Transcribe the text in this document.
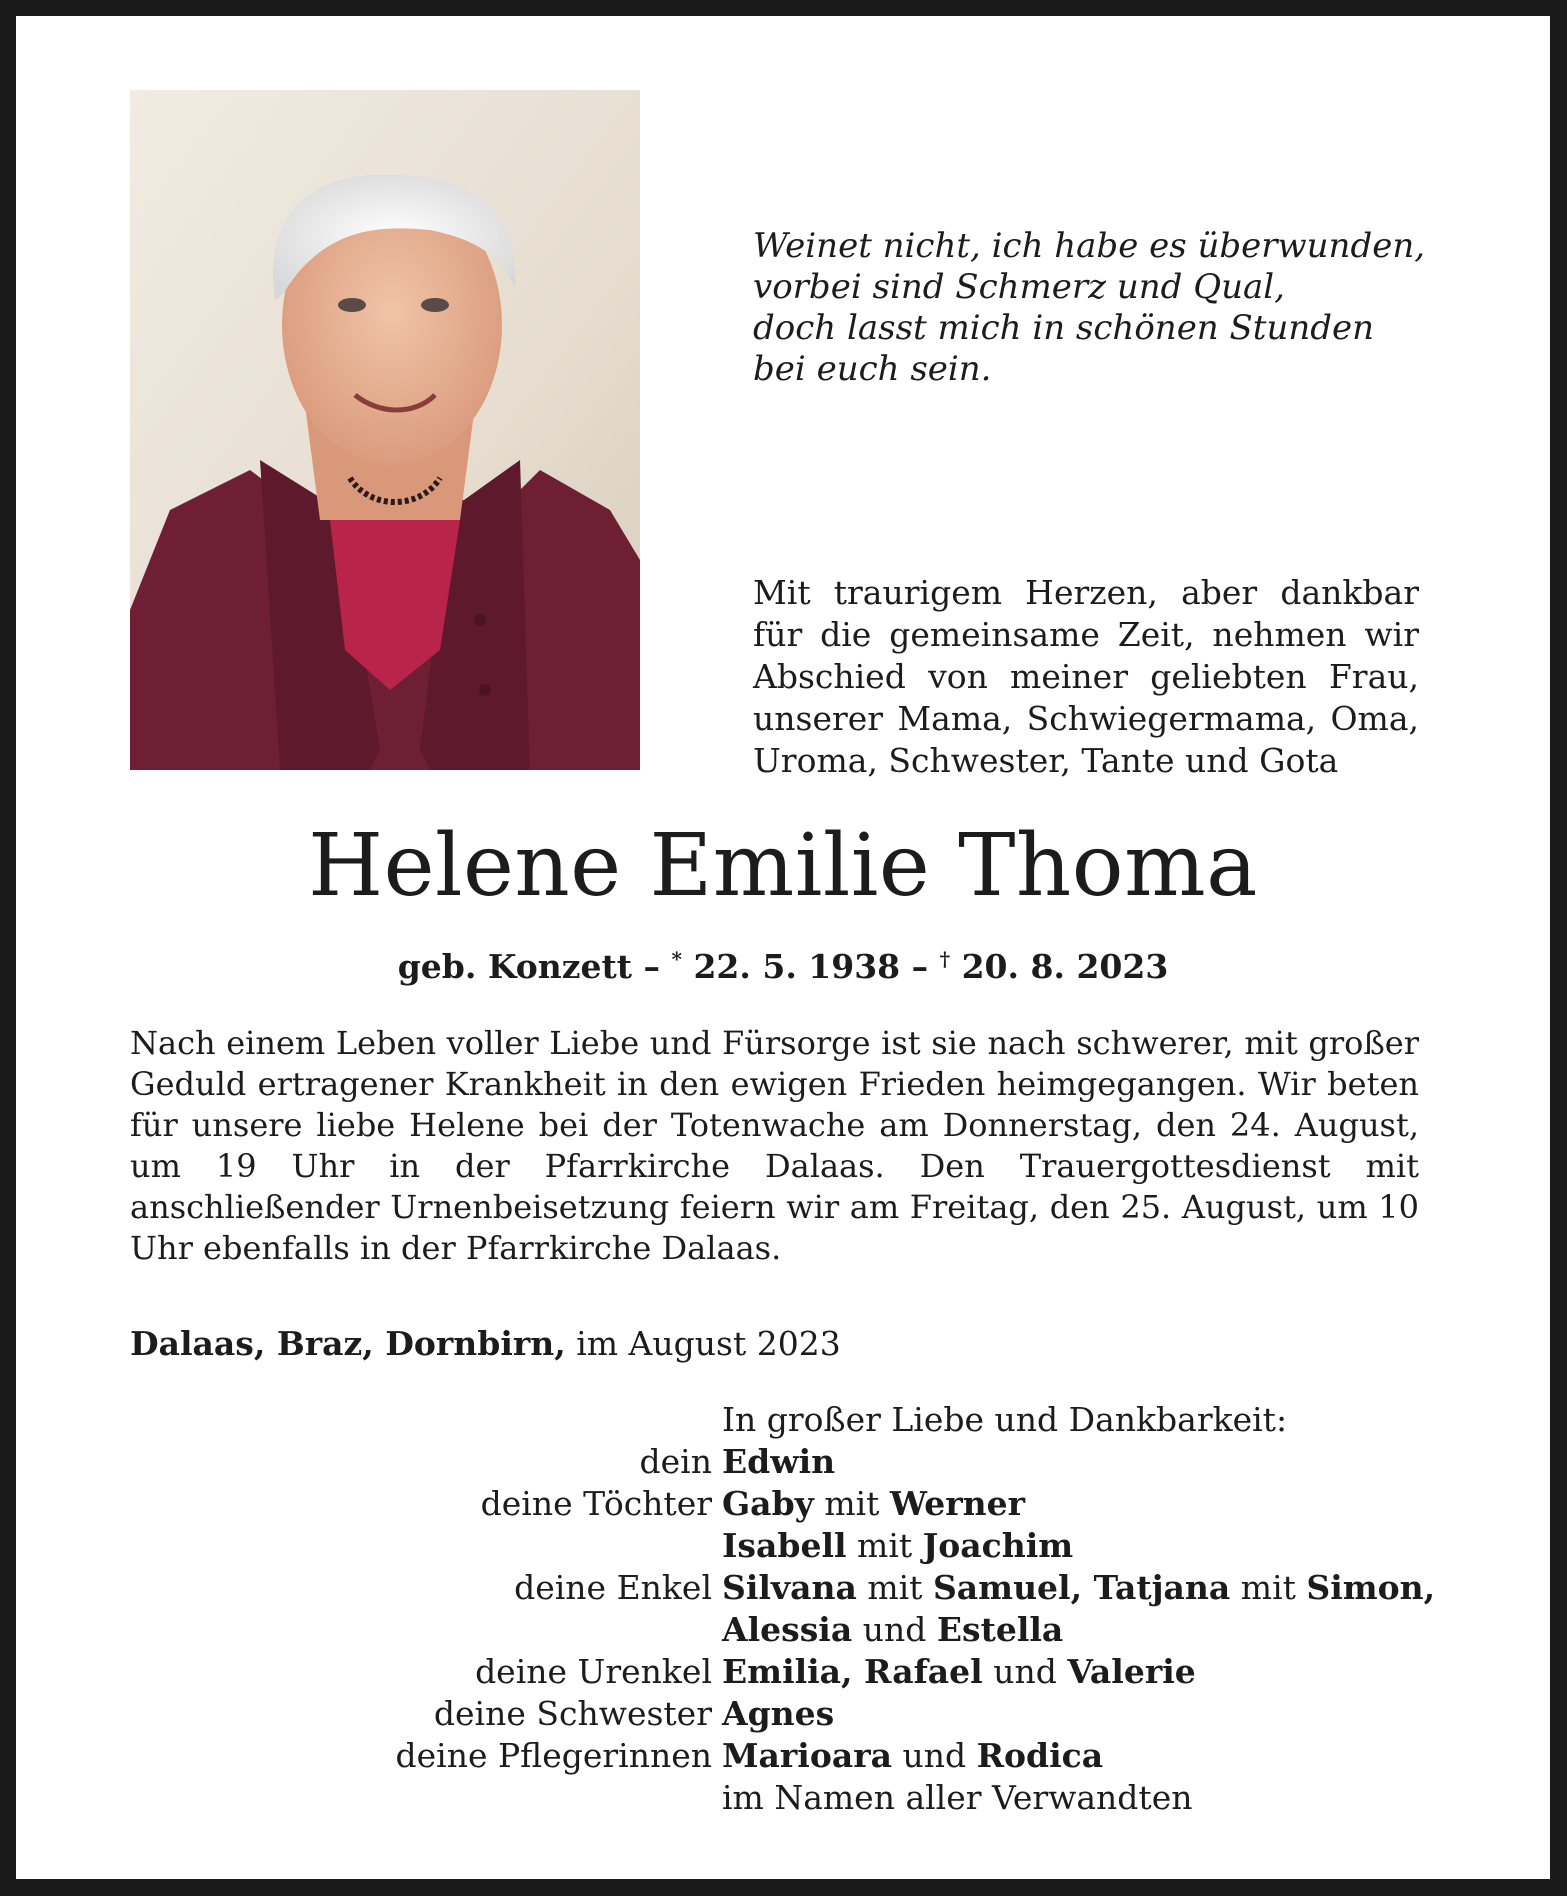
Weinet nicht, ich habe es überwunden,
vorbei sind Schmerz und Qual,
doch lasst mich in schönen Stunden
bei euch sein.
Mit traurigem Herzen, aber dankbar
für die gemeinsame Zeit, nehmen wir
Abschied von meiner geliebten Frau,
unserer Mama, Schwiegermama, Oma,
Uroma, Schwester, Tante und Gota
Helene Emilie Thoma
geb. Konzett – * 22. 5. 1938 – † 20. 8. 2023
Nach einem Leben voller Liebe und Fürsorge ist sie nach schwerer, mit großer Geduld ertragener Krankheit in den ewigen Frieden heimgegangen. Wir beten für unsere liebe Helene bei der Totenwache am Donnerstag, den 24. August, um 19 Uhr in der Pfarrkirche Dalaas. Den Trauergottesdienst mit anschließender Urnenbeisetzung feiern wir am Freitag, den 25. August, um 10 Uhr ebenfalls in der Pfarrkirche Dalaas.
Dalaas, Braz, Dornbirn, im August 2023
In großer Liebe und Dankbarkeit:
dein Edwin
deine Töchter Gaby mit Werner
Isabell mit Joachim
deine Enkel Silvana mit Samuel, Tatjana mit Simon,
Alessia und Estella
deine Urenkel Emilia, Rafael und Valerie
deine Schwester Agnes
deine Pflegerinnen Marioara und Rodica
im Namen aller Verwandten
